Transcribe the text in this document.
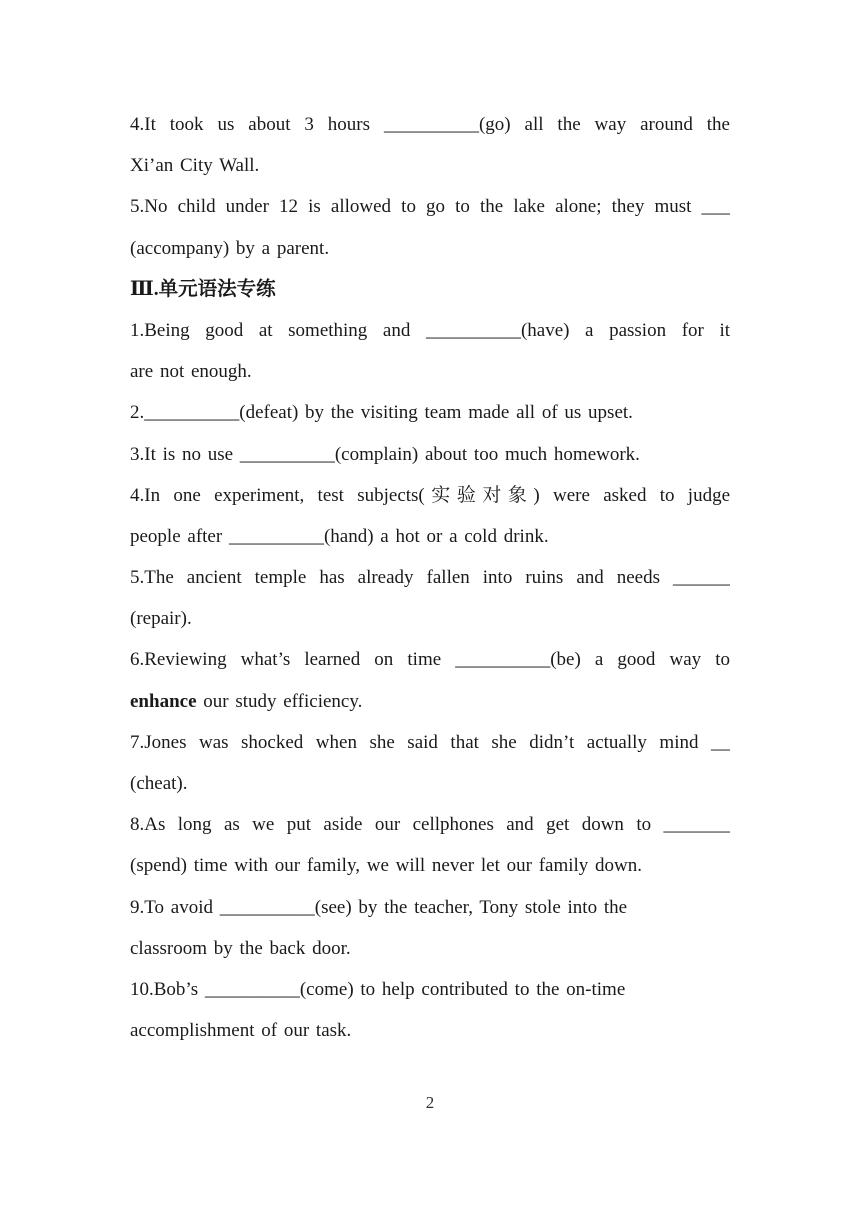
4.It took us about 3 hours __________(go) all the way around the
Xi’an City Wall.
5.No child under 12 is allowed to go to the lake alone; they must ___
(accompany) by a parent.
Ⅲ.单元语法专练
1.Being good at something and __________(have) a passion for it
are not enough.
2.__________(defeat) by the visiting team made all of us upset.
3.It is no use __________(complain) about too much homework.
4.In one experiment, test subjects(实验对象) were asked to judge
people after __________(hand) a hot or a cold drink.
5.The ancient temple has already fallen into ruins and needs ______
(repair).
6.Reviewing what’s learned on time __________(be) a good way to
enhance our study efficiency.
7.Jones was shocked when she said that she didn’t actually mind __
(cheat).
8.As long as we put aside our cellphones and get down to _______
(spend) time with our family, we will never let our family down.
9.To avoid __________(see) by the teacher, Tony stole into the
classroom by the back door.
10.Bob’s __________(come) to help contributed to the on-time
accomplishment of our task.
2
